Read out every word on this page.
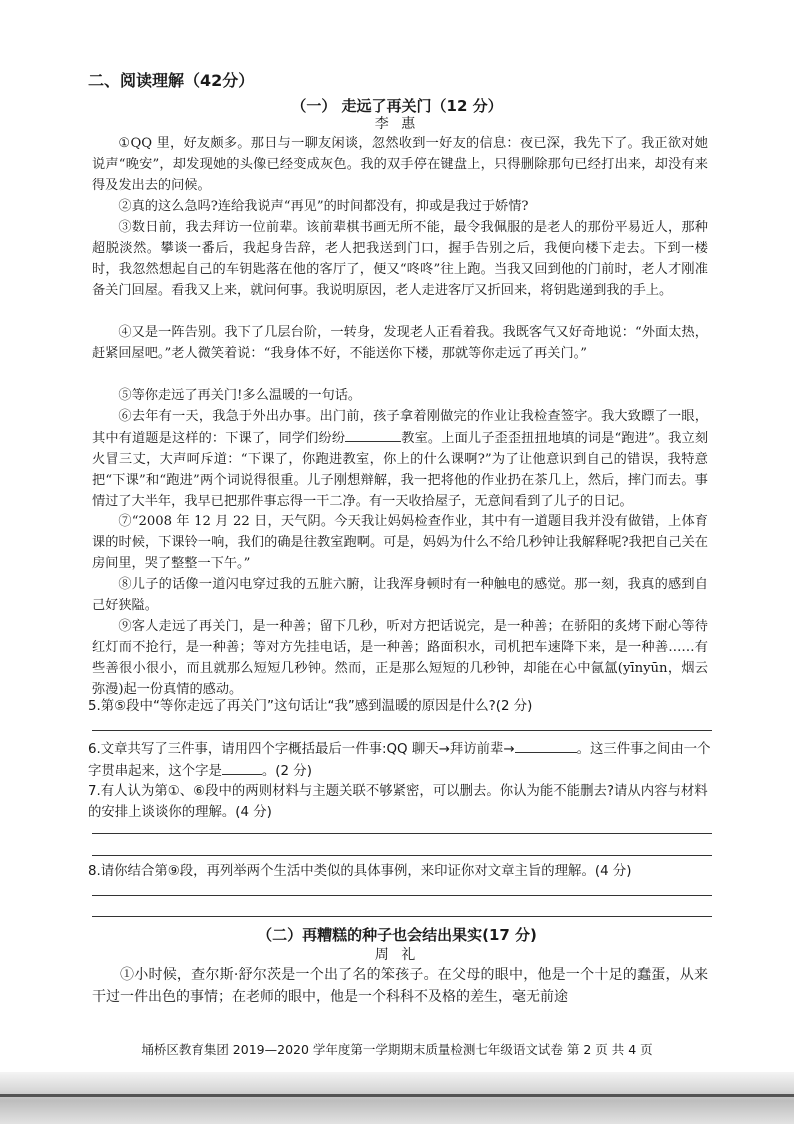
二、阅读理解（42分）
（一） 走远了再关门（12 分）
李 惠
①QQ 里，好友颇多。那日与一聊友闲谈，忽然收到一好友的信息：夜已深，我先下了。我正欲对她说声“晚安”，却发现她的头像已经变成灰色。我的双手停在键盘上，只得删除那句已经打出来，却没有来得及发出去的问候。
②真的这么急吗?连给我说声“再见”的时间都没有，抑或是我过于娇情?
③数日前，我去拜访一位前辈。该前辈棋书画无所不能，最令我佩服的是老人的那份平易近人，那种超脱淡然。攀谈一番后，我起身告辞，老人把我送到门口，握手告别之后，我便向楼下走去。下到一楼时，我忽然想起自己的车钥匙落在他的客厅了，便又“咚咚”往上跑。当我又回到他的门前时，老人才刚准备关门回屋。看我又上来，就问何事。我说明原因，老人走进客厅又折回来，将钥匙递到我的手上。
④又是一阵告别。我下了几层台阶，一转身，发现老人正看着我。我既客气又好奇地说：“外面太热，赶紧回屋吧。”老人微笑着说：“我身体不好，不能送你下楼，那就等你走远了再关门。”
⑤等你走远了再关门!多么温暖的一句话。
⑥去年有一天，我急于外出办事。出门前，孩子拿着刚做完的作业让我检查签字。我大致瞟了一眼，其中有道题是这样的：下课了，同学们纷纷	教室。上面儿子歪歪扭扭地填的词是“跑进”。我立刻火冒三丈，大声呵斥道：“下课了，你跑进教室，你上的什么课啊?”为了让他意识到自己的错误，我特意把“下课”和“跑进”两个词说得很重。儿子刚想辩解，我一把将他的作业扔在茶几上，然后，摔门而去。事情过了大半年，我早已把那件事忘得一干二净。有一天收拾屋子，无意间看到了儿子的日记。
⑦“2008 年 12 月 22 日，天气阴。今天我让妈妈检查作业，其中有一道题目我并没有做错，上体育课的时候，下课铃一响，我们的确是往教室跑啊。可是，妈妈为什么不给几秒钟让我解释呢?我把自己关在房间里，哭了整整一下午。”
⑧儿子的话像一道闪电穿过我的五脏六腑，让我浑身顿时有一种触电的感觉。那一刻，我真的感到自己好狭隘。
⑨客人走远了再关门，是一种善；留下几秒，听对方把话说完，是一种善；在骄阳的炙烤下耐心等待红灯而不抢行，是一种善；等对方先挂电话，是一种善；路面积水，司机把车速降下来，是一种善……有些善很小很小，而且就那么短短几秒钟。然而，正是那么短短的几秒钟，却能在心中氤氲(yīnyūn，烟云弥漫)起一份真情的感动。
5.第⑤段中“等你走远了再关门”这句话让“我”感到温暖的原因是什么?(2 分)
6.文章共写了三件事，请用四个字概括最后一件事:QQ 聊天→拜访前辈→	。这三件事之间由一个字贯串起来，这个字是	。(2 分)
7.有人认为第①、⑥段中的两则材料与主题关联不够紧密，可以删去。你认为能不能删去?请从内容与材料的安排上谈谈你的理解。(4 分)
8.请你结合第⑨段，再列举两个生活中类似的具体事例，来印证你对文章主旨的理解。(4 分)
（二）再糟糕的种子也会结出果实(17 分)
周 礼
①小时候，查尔斯·舒尔茨是一个出了名的笨孩子。在父母的眼中，他是一个十足的蠢蛋，从来干过一件出色的事情；在老师的眼中，他是一个科科不及格的差生，毫无前途
埇桥区教育集团 2019—2020 学年度第一学期期末质量检测七年级语文试卷 第 2 页 共 4 页
